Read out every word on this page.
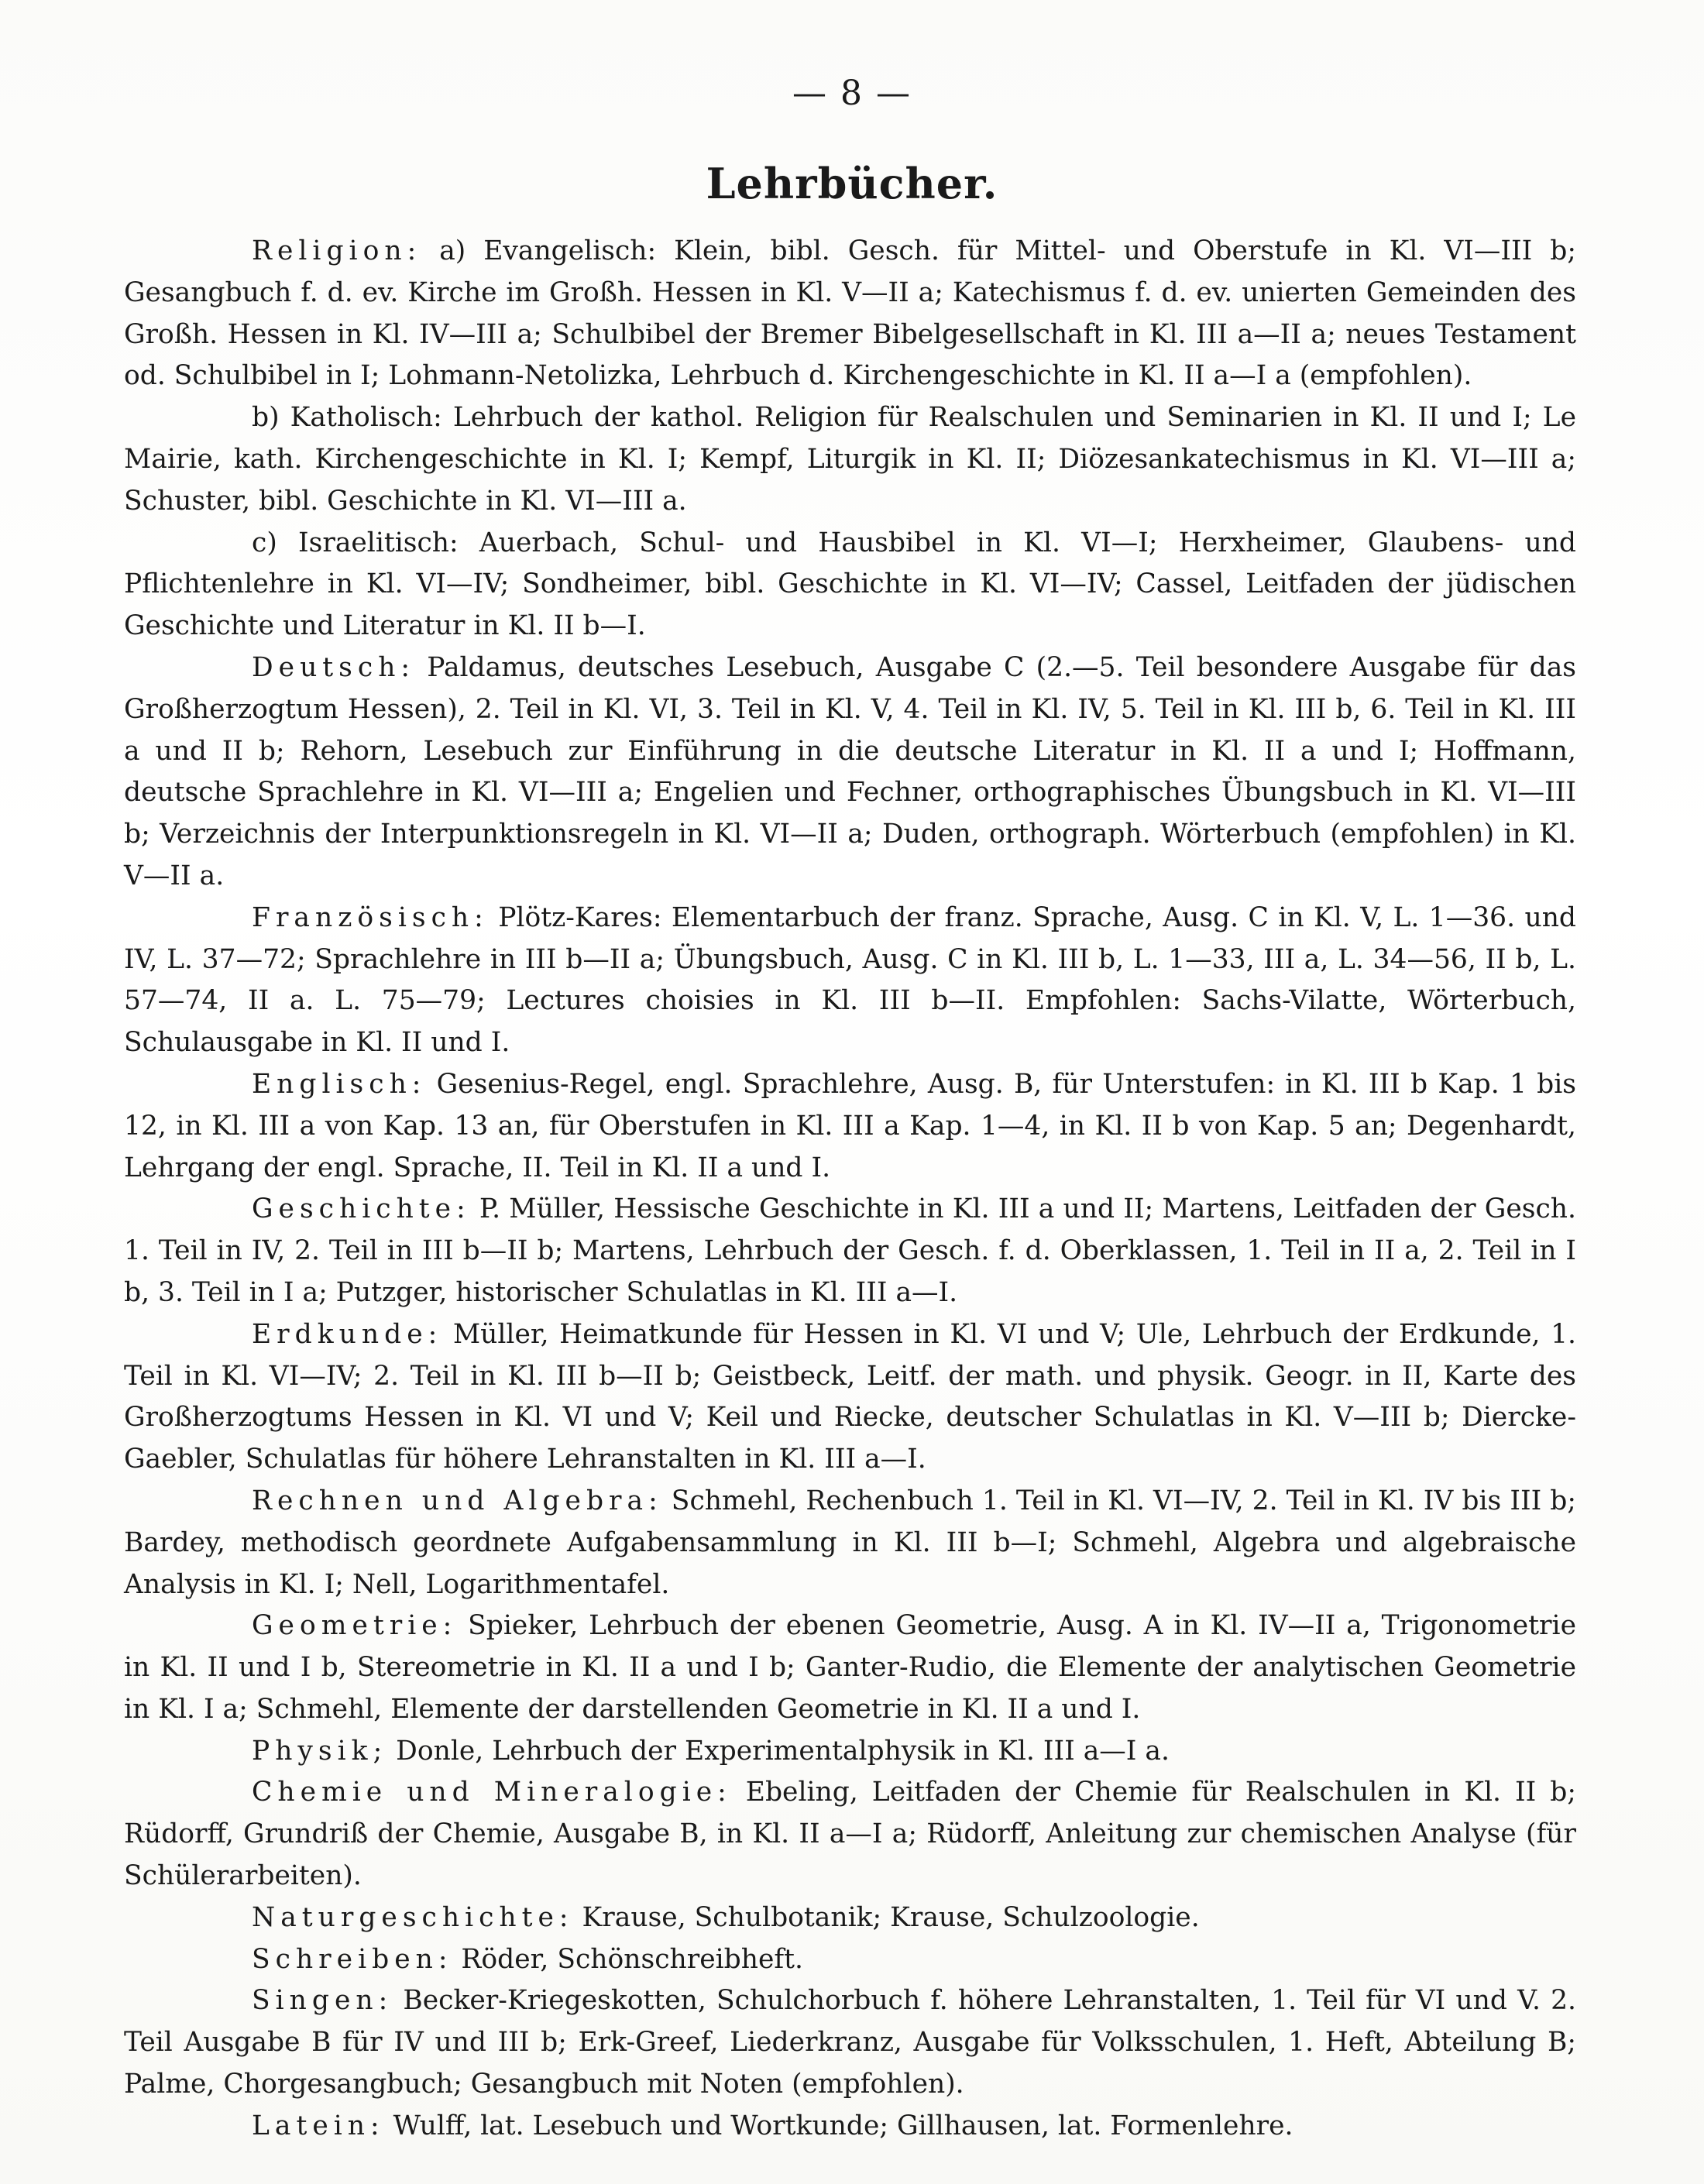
— 8 —
Lehrbücher.

Religion: a) Evangelisch: Klein, bibl. Gesch. für Mittel- und Oberstufe in Kl. VI—III b; Gesangbuch f. d. ev. Kirche im Großh. Hessen in Kl. V—II a; Katechismus f. d. ev. unierten Gemeinden des Großh. Hessen in Kl. IV—III a; Schulbibel der Bremer Bibelgesellschaft in Kl. III a—II a; neues Testament od. Schulbibel in I; Lohmann-Netolizka, Lehrbuch d. Kirchengeschichte in Kl. II a—I a (empfohlen).

b) Katholisch: Lehrbuch der kathol. Religion für Realschulen und Seminarien in Kl. II und I; Le Mairie, kath. Kirchengeschichte in Kl. I; Kempf, Liturgik in Kl. II; Diözesankatechismus in Kl. VI—III a; Schuster, bibl. Geschichte in Kl. VI—III a.

c) Israelitisch: Auerbach, Schul- und Hausbibel in Kl. VI—I; Herxheimer, Glaubens- und Pflichtenlehre in Kl. VI—IV; Sondheimer, bibl. Geschichte in Kl. VI—IV; Cassel, Leitfaden der jüdischen Geschichte und Literatur in Kl. II b—I.

Deutsch: Paldamus, deutsches Lesebuch, Ausgabe C (2.—5. Teil besondere Ausgabe für das Großherzogtum Hessen), 2. Teil in Kl. VI, 3. Teil in Kl. V, 4. Teil in Kl. IV, 5. Teil in Kl. III b, 6. Teil in Kl. III a und II b; Rehorn, Lesebuch zur Einführung in die deutsche Literatur in Kl. II a und I; Hoffmann, deutsche Sprachlehre in Kl. VI—III a; Engelien und Fechner, orthographisches Übungsbuch in Kl. VI—III b; Verzeichnis der Interpunktionsregeln in Kl. VI—II a; Duden, orthograph. Wörterbuch (empfohlen) in Kl. V—II a.

Französisch: Plötz-Kares: Elementarbuch der franz. Sprache, Ausg. C in Kl. V, L. 1—36. und IV, L. 37—72; Sprachlehre in III b—II a; Übungsbuch, Ausg. C in Kl. III b, L. 1—33, III a, L. 34—56, II b, L. 57—74, II a. L. 75—79; Lectures choisies in Kl. III b—II. Empfohlen: Sachs-Vilatte, Wörterbuch, Schulausgabe in Kl. II und I.

Englisch: Gesenius-Regel, engl. Sprachlehre, Ausg. B, für Unterstufen: in Kl. III b Kap. 1 bis 12, in Kl. III a von Kap. 13 an, für Oberstufen in Kl. III a Kap. 1—4, in Kl. II b von Kap. 5 an; Degenhardt, Lehrgang der engl. Sprache, II. Teil in Kl. II a und I.

Geschichte: P. Müller, Hessische Geschichte in Kl. III a und II; Martens, Leitfaden der Gesch. 1. Teil in IV, 2. Teil in III b—II b; Martens, Lehrbuch der Gesch. f. d. Oberklassen, 1. Teil in II a, 2. Teil in I b, 3. Teil in I a; Putzger, historischer Schulatlas in Kl. III a—I.

Erdkunde: Müller, Heimatkunde für Hessen in Kl. VI und V; Ule, Lehrbuch der Erdkunde, 1. Teil in Kl. VI—IV; 2. Teil in Kl. III b—II b; Geistbeck, Leitf. der math. und physik. Geogr. in II, Karte des Großherzogtums Hessen in Kl. VI und V; Keil und Riecke, deutscher Schulatlas in Kl. V—III b; Diercke-Gaebler, Schulatlas für höhere Lehranstalten in Kl. III a—I.

Rechnen und Algebra: Schmehl, Rechenbuch 1. Teil in Kl. VI—IV, 2. Teil in Kl. IV bis III b; Bardey, methodisch geordnete Aufgabensammlung in Kl. III b—I; Schmehl, Algebra und algebraische Analysis in Kl. I; Nell, Logarithmentafel.

Geometrie: Spieker, Lehrbuch der ebenen Geometrie, Ausg. A in Kl. IV—II a, Trigonometrie in Kl. II und I b, Stereometrie in Kl. II a und I b; Ganter-Rudio, die Elemente der analytischen Geometrie in Kl. I a; Schmehl, Elemente der darstellenden Geometrie in Kl. II a und I.

Physik; Donle, Lehrbuch der Experimentalphysik in Kl. III a—I a.

Chemie und Mineralogie: Ebeling, Leitfaden der Chemie für Realschulen in Kl. II b; Rüdorff, Grundriß der Chemie, Ausgabe B, in Kl. II a—I a; Rüdorff, Anleitung zur chemischen Analyse (für Schülerarbeiten).

Naturgeschichte: Krause, Schulbotanik; Krause, Schulzoologie.

Schreiben: Röder, Schönschreibheft.

Singen: Becker-Kriegeskotten, Schulchorbuch f. höhere Lehranstalten, 1. Teil für VI und V. 2. Teil Ausgabe B für IV und III b; Erk-Greef, Liederkranz, Ausgabe für Volksschulen, 1. Heft, Abteilung B; Palme, Chorgesangbuch; Gesangbuch mit Noten (empfohlen).

Latein: Wulff, lat. Lesebuch und Wortkunde; Gillhausen, lat. Formenlehre.
